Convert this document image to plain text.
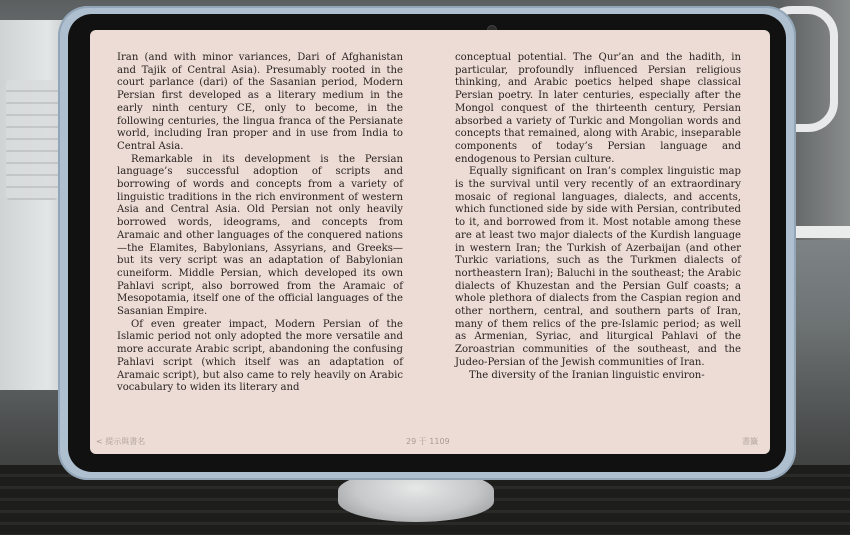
Iran (and with minor variances, Dari of Afghanistan and Tajik of Central Asia). Presumably rooted in the court parlance (dari) of the Sasanian period, Modern Persian first developed as a literary medium in the early ninth century CE, only to become, in the following centuries, the lingua franca of the Persianate world, including Iran proper and in use from India to Central Asia.

Remarkable in its development is the Persian language’s successful adoption of scripts and borrowing of words and concepts from a variety of linguistic traditions in the rich environment of western Asia and Central Asia. Old Persian not only heavily borrowed words, ideograms, and concepts from Aramaic and other languages of the conquered nations—the Elamites, Babylonians, Assyrians, and Greeks—but its very script was an adaptation of Babylonian cuneiform. Middle Persian, which developed its own Pahlavi script, also borrowed from the Aramaic of Mesopotamia, itself one of the official languages of the Sasanian Empire.

Of even greater impact, Modern Persian of the Islamic period not only adopted the more versatile and more accurate Arabic script, abandoning the confusing Pahlavi script (which itself was an adaptation of Aramaic script), but also came to rely heavily on Arabic vocabulary to widen its literary and

conceptual potential. The Qur’an and the hadith, in particular, profoundly influenced Persian religious thinking, and Arabic poetics helped shape classical Persian poetry. In later centuries, especially after the Mongol conquest of the thirteenth century, Persian absorbed a variety of Turkic and Mongolian words and concepts that remained, along with Arabic, inseparable components of today’s Persian language and endogenous to Persian culture.

Equally significant on Iran’s complex linguistic map is the survival until very recently of an extraordinary mosaic of regional languages, dialects, and accents, which functioned side by side with Persian, contributed to it, and borrowed from it. Most notable among these are at least two major dialects of the Kurdish language in western Iran; the Turkish of Azerbaijan (and other Turkic variations, such as the Turkmen dialects of northeastern Iran); Baluchi in the southeast; the Arabic dialects of Khuzestan and the Persian Gulf coasts; a whole plethora of dialects from the Caspian region and other northern, central, and southern parts of Iran, many of them relics of the pre-Islamic period; as well as Armenian, Syriac, and liturgical Pahlavi of the Zoroastrian communities of the southeast, and the Judeo-Persian of the Jewish communities of Iran.

The diversity of the Iranian linguistic environ-

< 提示與書名	29 于 1109	書籤
